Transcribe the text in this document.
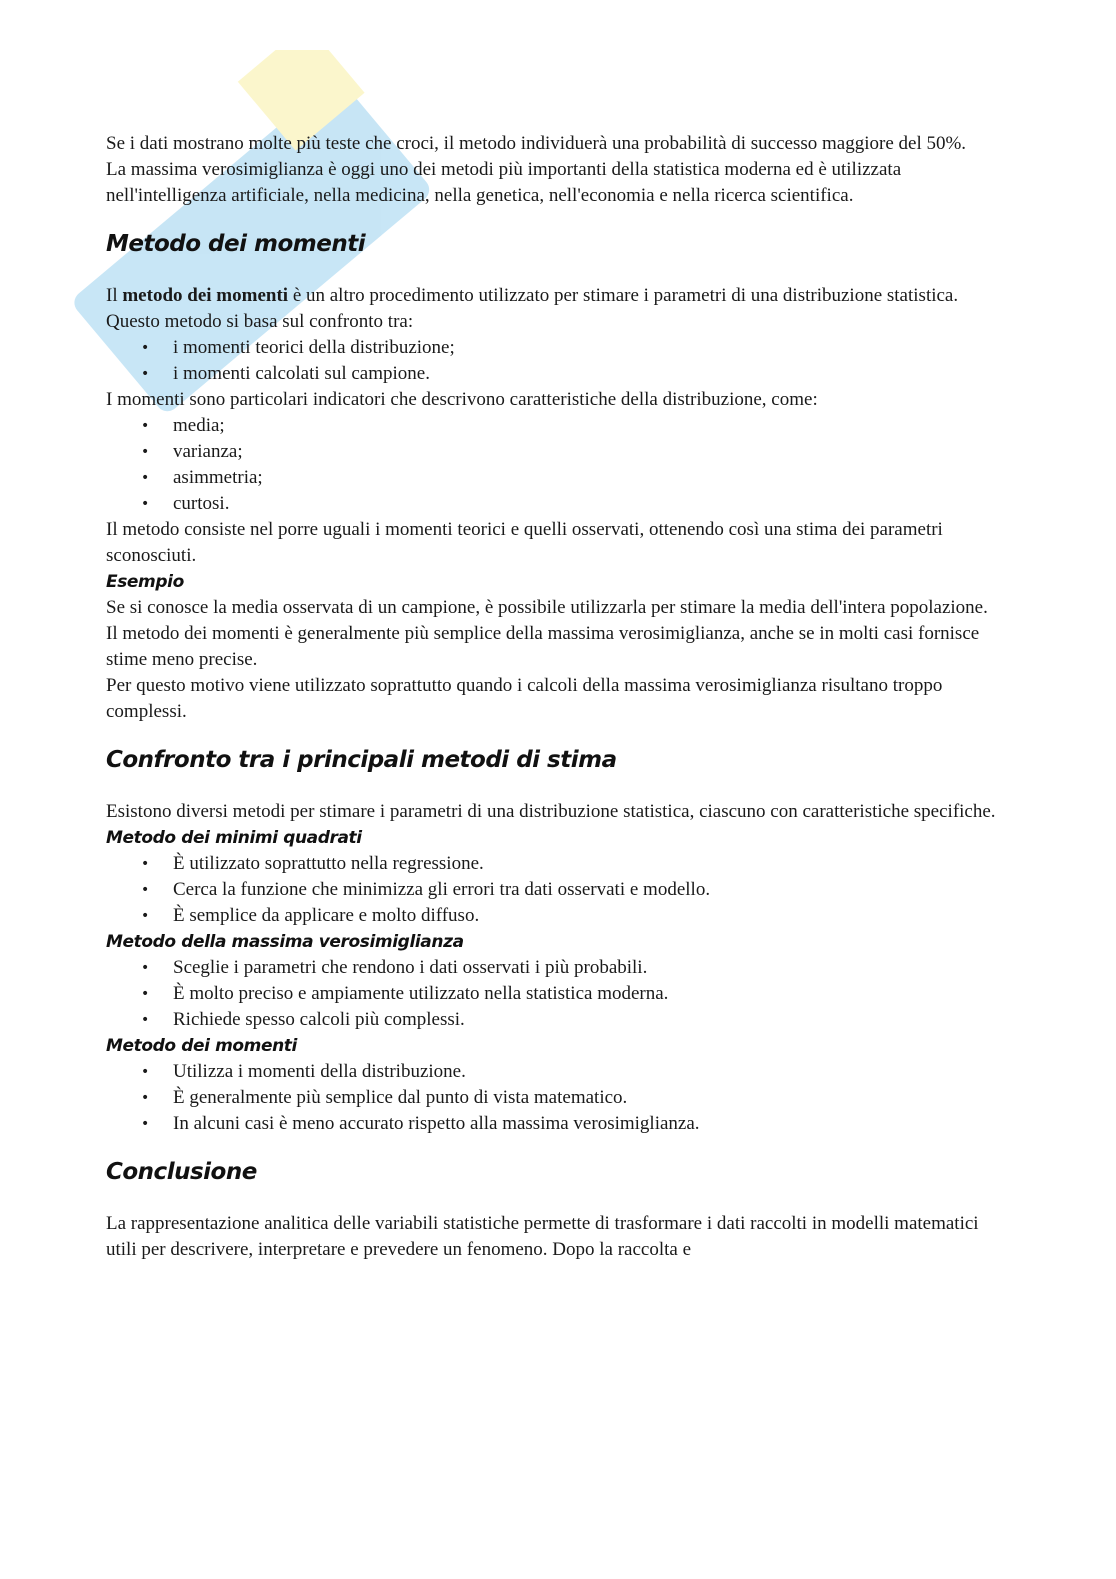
Se i dati mostrano molte più teste che croci, il metodo individuerà una probabilità di successo maggiore del 50%.

La massima verosimiglianza è oggi uno dei metodi più importanti della statistica moderna ed è utilizzata nell'intelligenza artificiale, nella medicina, nella genetica, nell'economia e nella ricerca scientifica.

Metodo dei momenti

Il metodo dei momenti è un altro procedimento utilizzato per stimare i parametri di una distribuzione statistica.

Questo metodo si basa sul confronto tra:

• i momenti teorici della distribuzione;
• i momenti calcolati sul campione.

I momenti sono particolari indicatori che descrivono caratteristiche della distribuzione, come:

• media;
• varianza;
• asimmetria;
• curtosi.

Il metodo consiste nel porre uguali i momenti teorici e quelli osservati, ottenendo così una stima dei parametri sconosciuti.

Esempio

Se si conosce la media osservata di un campione, è possibile utilizzarla per stimare la media dell'intera popolazione.

Il metodo dei momenti è generalmente più semplice della massima verosimiglianza, anche se in molti casi fornisce stime meno precise.

Per questo motivo viene utilizzato soprattutto quando i calcoli della massima verosimiglianza risultano troppo complessi.

Confronto tra i principali metodi di stima

Esistono diversi metodi per stimare i parametri di una distribuzione statistica, ciascuno con caratteristiche specifiche.

Metodo dei minimi quadrati
• È utilizzato soprattutto nella regressione.
• Cerca la funzione che minimizza gli errori tra dati osservati e modello.
• È semplice da applicare e molto diffuso.
Metodo della massima verosimiglianza
• Sceglie i parametri che rendono i dati osservati i più probabili.
• È molto preciso e ampiamente utilizzato nella statistica moderna.
• Richiede spesso calcoli più complessi.
Metodo dei momenti
• Utilizza i momenti della distribuzione.
• È generalmente più semplice dal punto di vista matematico.
• In alcuni casi è meno accurato rispetto alla massima verosimiglianza.
Conclusione

La rappresentazione analitica delle variabili statistiche permette di trasformare i dati raccolti in modelli matematici utili per descrivere, interpretare e prevedere un fenomeno. Dopo la raccolta e
